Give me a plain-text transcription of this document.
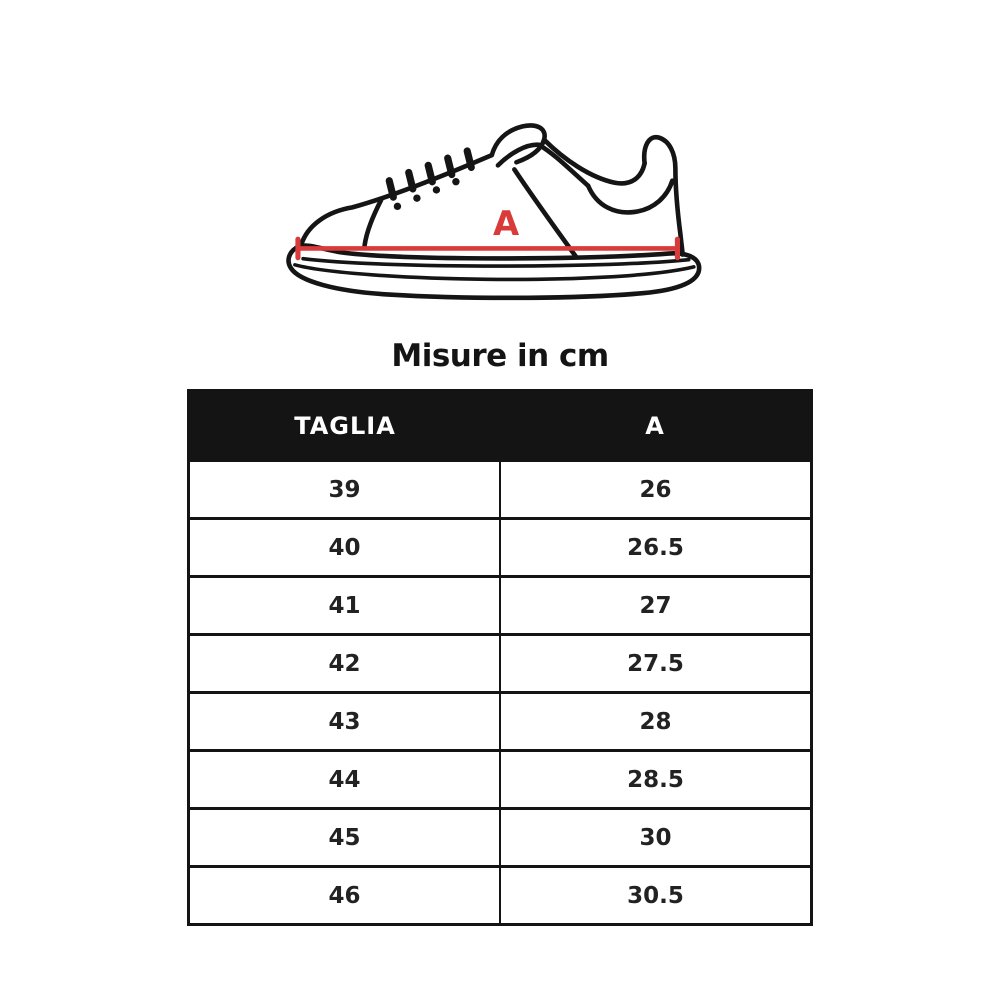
A
Misure in cm
TAGLIA	A
39	26
40	26.5
41	27
42	27.5
43	28
44	28.5
45	30
46	30.5
